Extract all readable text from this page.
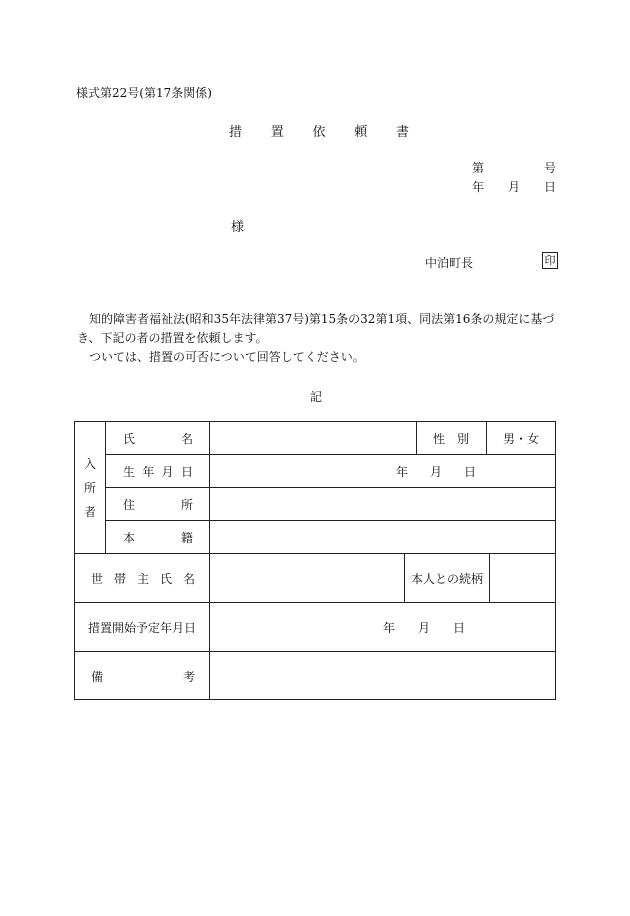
様式第22号(第17条関係)
措 置 依 頼 書
第	号
年 月 日
様
中泊町長	印

知的障害者福祉法(昭和35年法律第37号)第15条の32第1項、同法第16条の規定に基づき、下記の者の措置を依頼します。

ついては、措置の可否について回答してください。

記
入
所
者
氏	名	性 別	男・女
生 年 月 日	年 月 日
住	所
本	籍
世 帯 主 氏 名	本人との続柄
措置開始予定年月日	年 月 日
備	考
